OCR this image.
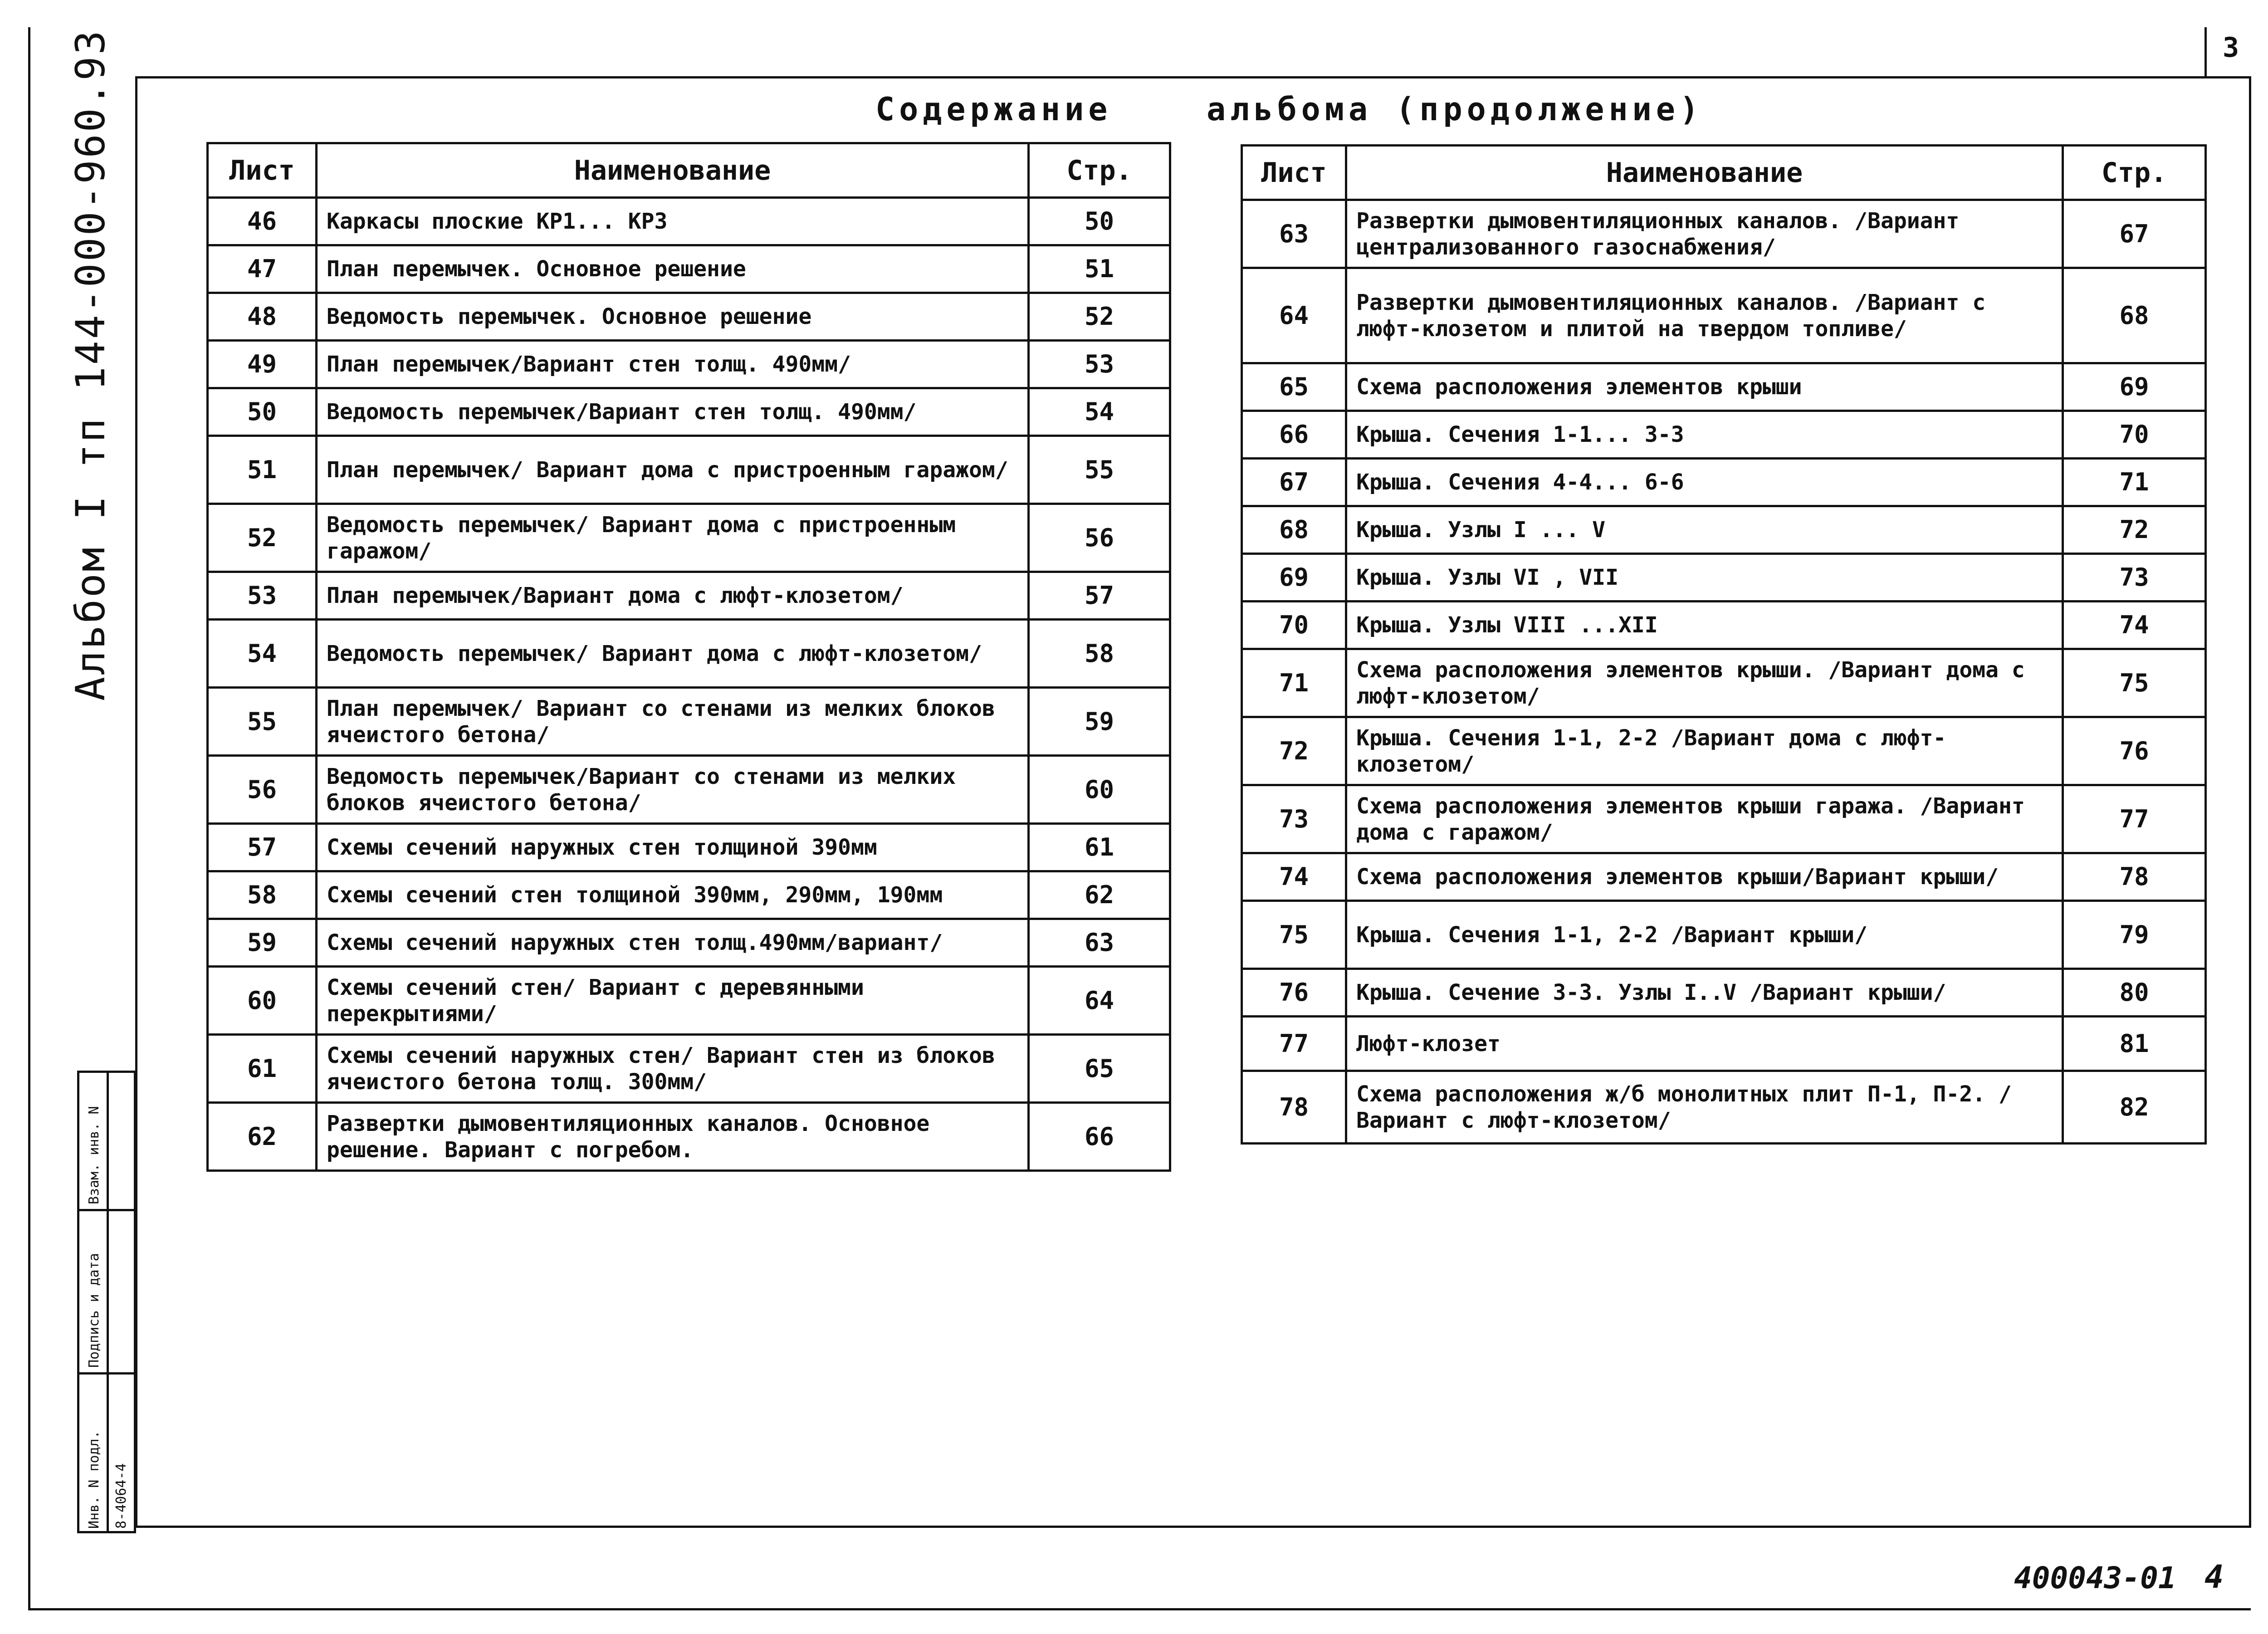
3
Содержание    альбома (продолжение)
Альбом I тп 144-000-960.93
Взам. инв. N
Подпись и дата
Инв. N подл. 8-4064-4
Лист	Наименование	Стр.
46	Каркасы плоские КР1... КР3	50
47	План перемычек. Основное решение	51
48	Ведомость перемычек. Основное решение	52
49	План перемычек/Вариант стен толщ. 490мм/	53
50	Ведомость перемычек/Вариант стен толщ. 490мм/	54
51	План перемычек/ Вариант дома с пристроенным гаражом/	55
52	Ведомость перемычек/ Вариант дома с пристроенным гаражом/	56
53	План перемычек/Вариант дома с люфт-клозетом/	57
54	Ведомость перемычек/ Вариант дома с люфт-клозетом/	58
55	План перемычек/ Вариант со стенами из мелких блоков ячеистого бетона/	59
56	Ведомость перемычек/Вариант со стенами из мелких блоков ячеистого бетона/	60
57	Схемы сечений наружных стен толщиной 390мм	61
58	Схемы сечений стен толщиной 390мм, 290мм, 190мм	62
59	Схемы сечений наружных стен толщ.490мм/вариант/	63
60	Схемы сечений стен/ Вариант с деревянными перекрытиями/	64
61	Схемы сечений наружных стен/ Вариант стен из блоков ячеистого бетона толщ. 300мм/	65
62	Развертки дымовентиляционных каналов. Основное решение. Вариант с погребом.	66
Лист	Наименование	Стр.
63	Развертки дымовентиляционных каналов. /Вариант централизованного газоснабжения/	67
64	Развертки дымовентиляционных каналов. /Вариант с люфт-клозетом и плитой на твердом топливе/	68
65	Схема расположения элементов крыши	69
66	Крыша. Сечения 1-1... 3-3	70
67	Крыша. Сечения 4-4... 6-6	71
68	Крыша. Узлы I ... V	72
69	Крыша. Узлы VI , VII	73
70	Крыша. Узлы VIII ...XII	74
71	Схема расположения элементов крыши. /Вариант дома с люфт-клозетом/	75
72	Крыша. Сечения 1-1, 2-2 /Вариант дома с люфт-клозетом/	76
73	Схема расположения элементов крыши гаража. /Вариант дома с гаражом/	77
74	Схема расположения элементов крыши/Вариант крыши/	78
75	Крыша. Сечения 1-1, 2-2 /Вариант крыши/	79
76	Крыша. Сечение 3-3. Узлы I..V /Вариант крыши/	80
77	Люфт-клозет	81
78	Схема расположения ж/б монолитных плит П-1, П-2. /Вариант с люфт-клозетом/	82
400043-01 4
